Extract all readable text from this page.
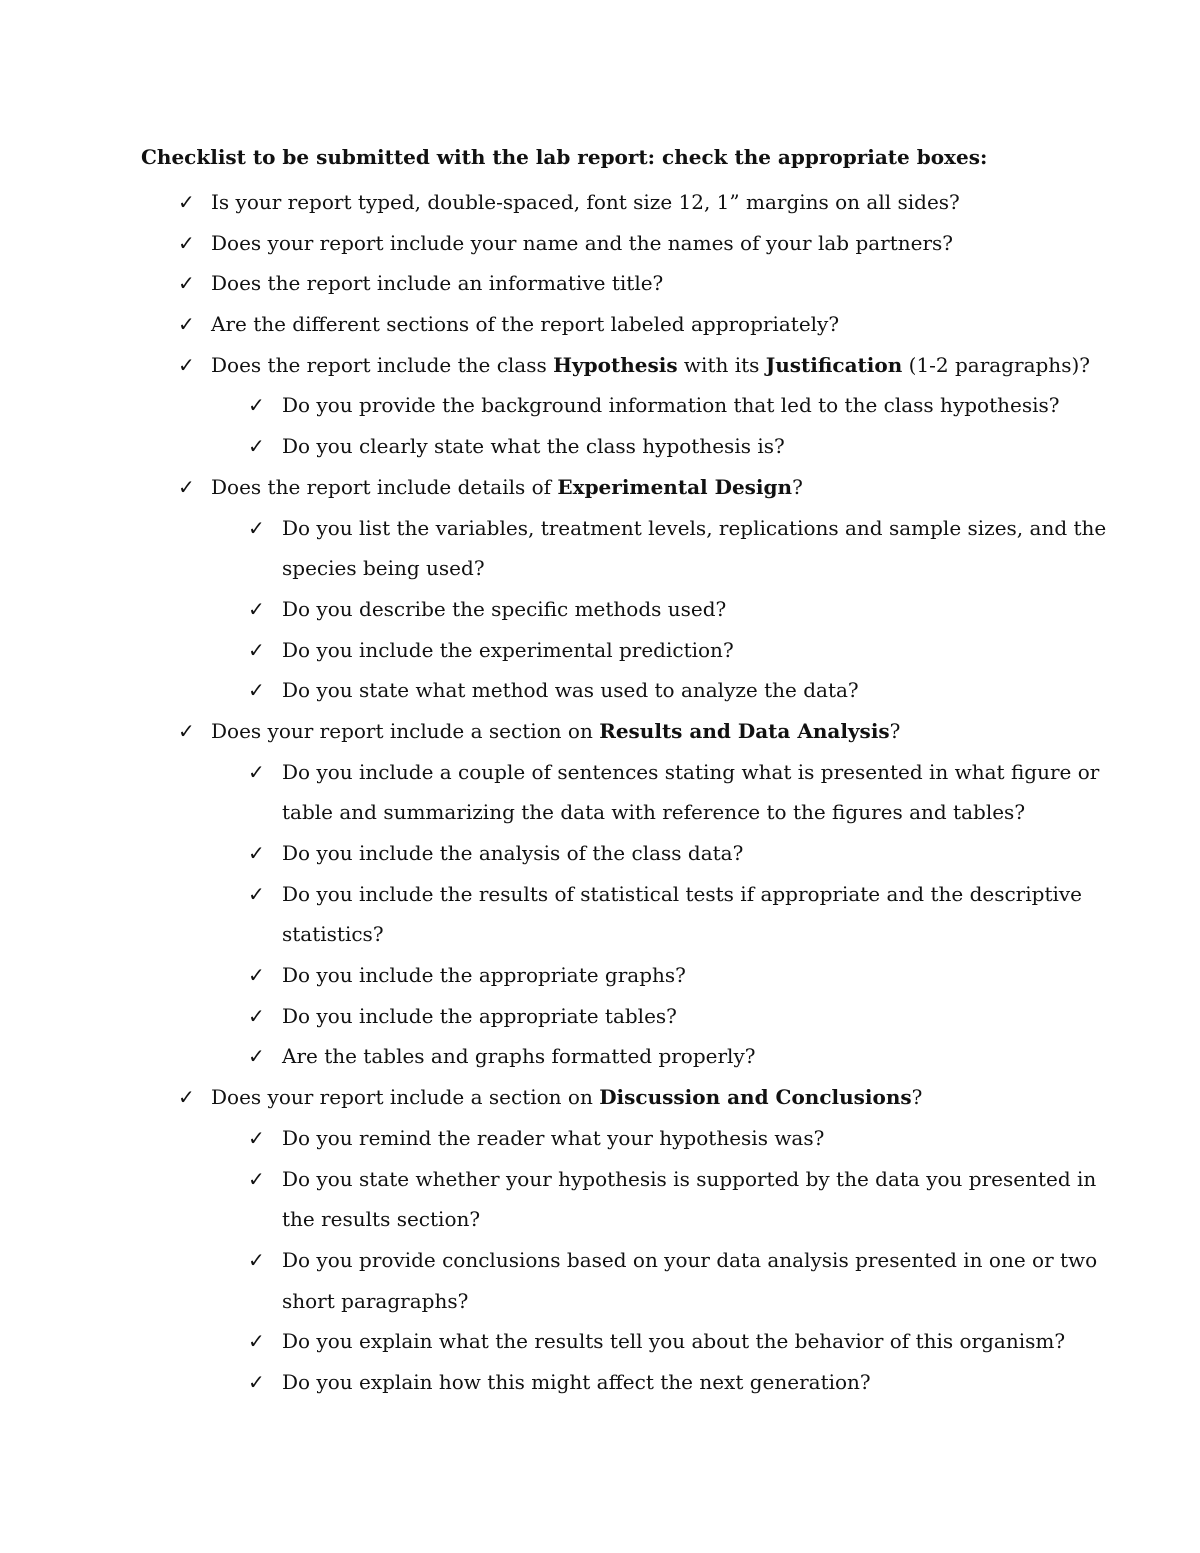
Checklist to be submitted with the lab report: check the appropriate boxes:
✓ Is your report typed, double-spaced, font size 12, 1” margins on all sides?
✓ Does your report include your name and the names of your lab partners?
✓ Does the report include an informative title?
✓ Are the different sections of the report labeled appropriately?
✓ Does the report include the class Hypothesis with its Justification (1-2 paragraphs)?
✓ Do you provide the background information that led to the class hypothesis?
✓ Do you clearly state what the class hypothesis is?
✓ Does the report include details of Experimental Design?
✓ Do you list the variables, treatment levels, replications and sample sizes, and the
species being used?
✓ Do you describe the specific methods used?
✓ Do you include the experimental prediction?
✓ Do you state what method was used to analyze the data?
✓ Does your report include a section on Results and Data Analysis?
✓ Do you include a couple of sentences stating what is presented in what figure or
table and summarizing the data with reference to the figures and tables?
✓ Do you include the analysis of the class data?
✓ Do you include the results of statistical tests if appropriate and the descriptive
statistics?
✓ Do you include the appropriate graphs?
✓ Do you include the appropriate tables?
✓ Are the tables and graphs formatted properly?
✓ Does your report include a section on Discussion and Conclusions?
✓ Do you remind the reader what your hypothesis was?
✓ Do you state whether your hypothesis is supported by the data you presented in
the results section?
✓ Do you provide conclusions based on your data analysis presented in one or two
short paragraphs?
✓ Do you explain what the results tell you about the behavior of this organism?
✓ Do you explain how this might affect the next generation?
